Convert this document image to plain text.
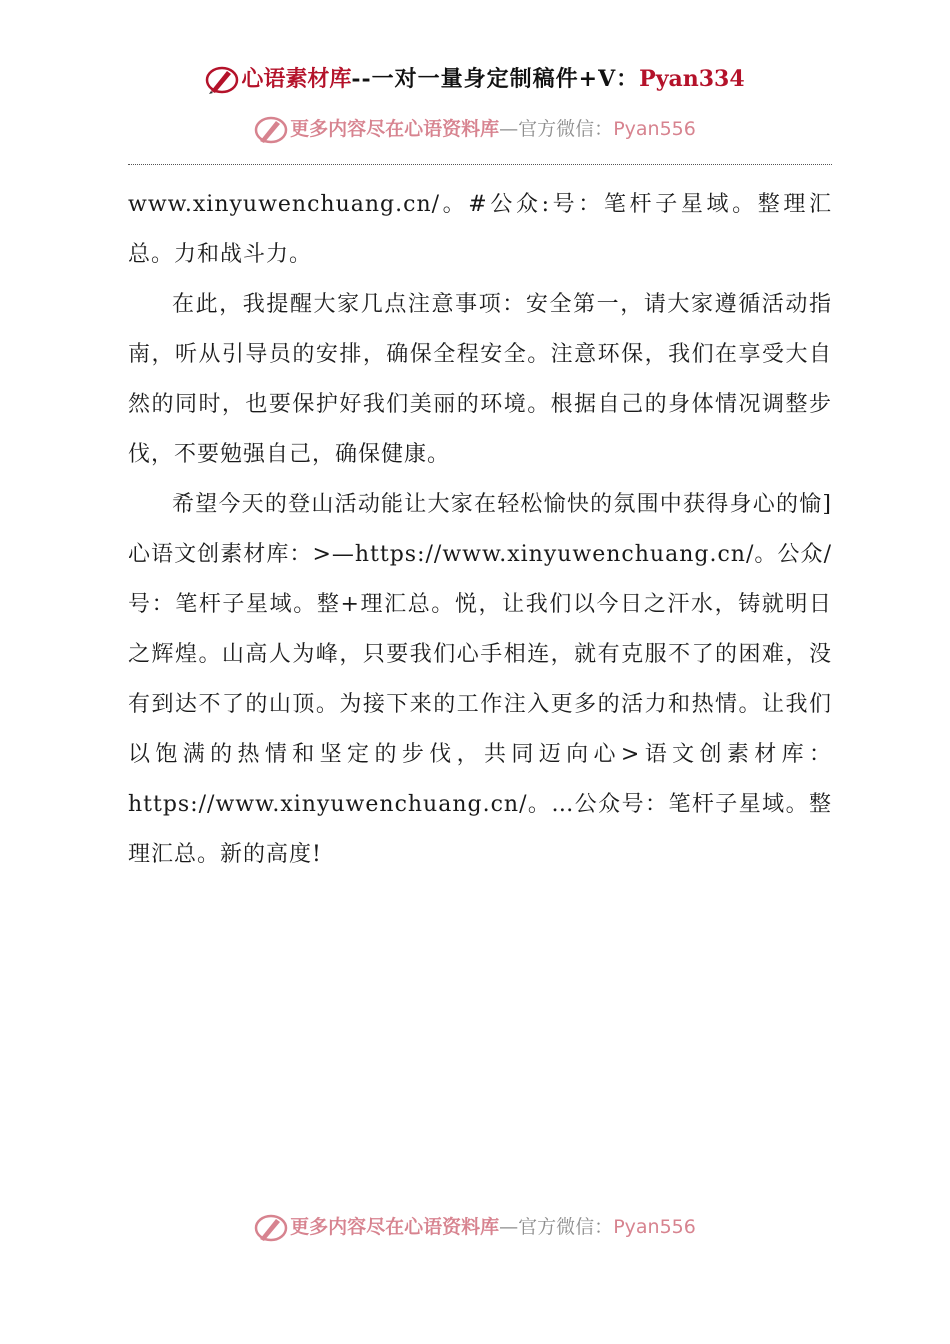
心语素材库--一对一量身定制稿件+V：Pyan334
更多内容尽在心语资料库—官方微信：Pyan556

www.xinyuwenchuang.cn/。#公众:号：笔杆子星域。整理汇总。力和战斗力。

在此，我提醒大家几点注意事项：安全第一，请大家遵循活动指南，听从引导员的安排，确保全程安全。注意环保，我们在享受大自然的同时，也要保护好我们美丽的环境。根据自己的身体情况调整步伐，不要勉强自己，确保健康。

希望今天的登山活动能让大家在轻松愉快的氛围中获得身心的愉]心语文创素材库：>—https://www.xinyuwenchuang.cn/。公众/号：笔杆子星域。整+理汇总。悦，让我们以今日之汗水，铸就明日之辉煌。山高人为峰，只要我们心手相连，就有克服不了的困难，没有到达不了的山顶。为接下来的工作注入更多的活力和热情。让我们以饱满的热情和坚定的步伐，共同迈向心>语文创素材库：https://www.xinyuwenchuang.cn/。…公众号：笔杆子星域。整理汇总。新的高度!

更多内容尽在心语资料库—官方微信：Pyan556
